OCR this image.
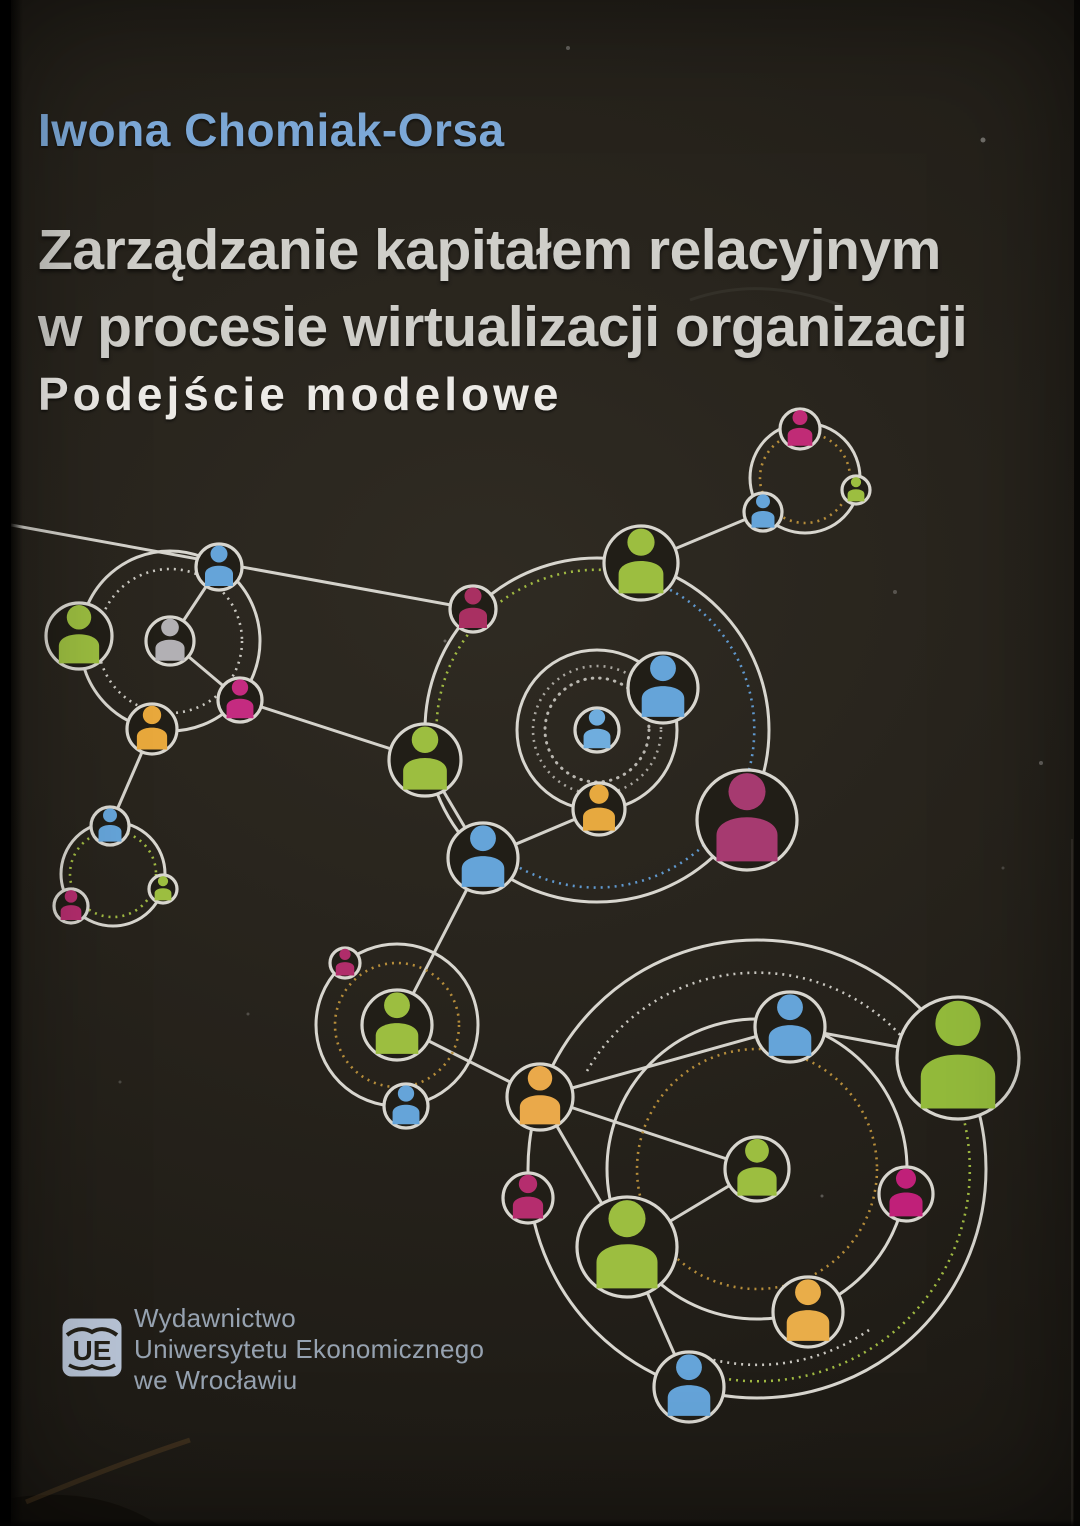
Iwona Chomiak-Orsa
Zarządzanie kapitałem relacyjnym
w procesie wirtualizacji organizacji
Podejście modelowe
UE
Wydawnictwo
Uniwersytetu Ekonomicznego
we Wrocławiu
